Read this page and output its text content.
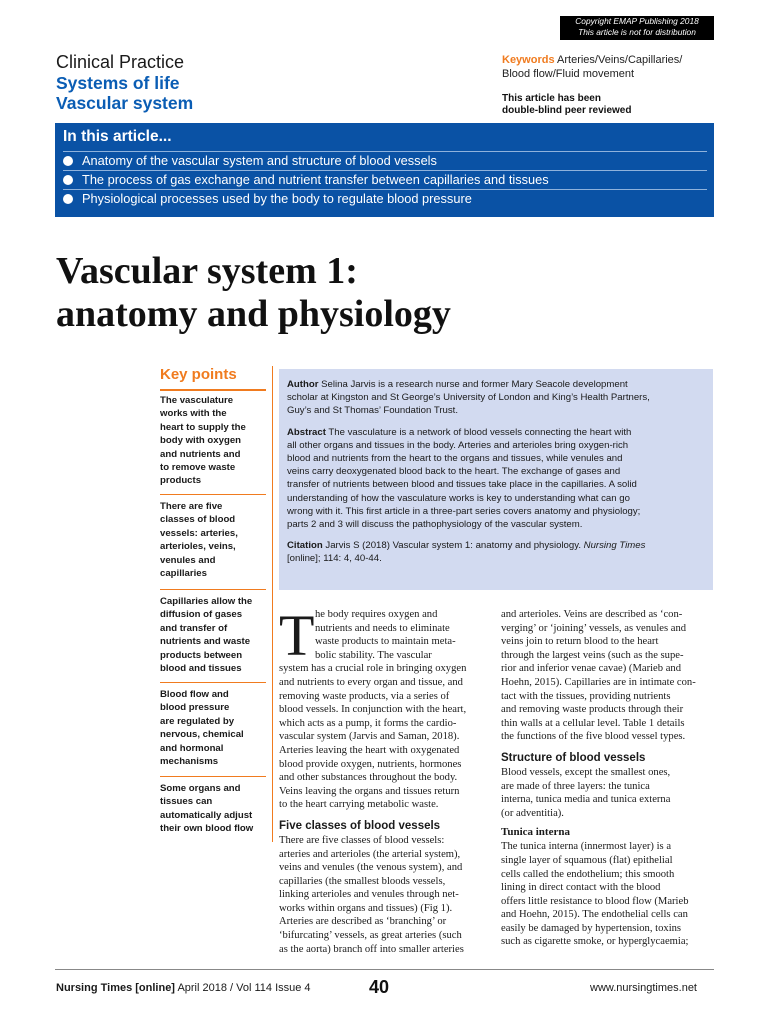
Copyright EMAP Publishing 2018
This article is not for distribution
Clinical Practice
Systems of life
Vascular system
Keywords Arteries/Veins/Capillaries/
Blood flow/Fluid movement
This article has been
double-blind peer reviewed
In this article...
Anatomy of the vascular system and structure of blood vessels
The process of gas exchange and nutrient transfer between capillaries and tissues
Physiological processes used by the body to regulate blood pressure
Vascular system 1:
anatomy and physiology
Key points
The vasculature
works with the
heart to supply the
body with oxygen
and nutrients and
to remove waste
products
There are five
classes of blood
vessels: arteries,
arterioles, veins,
venules and
capillaries
Capillaries allow the
diffusion of gases
and transfer of
nutrients and waste
products between
blood and tissues
Blood flow and
blood pressure
are regulated by
nervous, chemical
and hormonal
mechanisms
Some organs and
tissues can
automatically adjust
their own blood flow

Author Selina Jarvis is a research nurse and former Mary Seacole development
scholar at Kingston and St George’s University of London and King’s Health Partners,
Guy’s and St Thomas’ Foundation Trust.

Abstract The vasculature is a network of blood vessels connecting the heart with
all other organs and tissues in the body. Arteries and arterioles bring oxygen-rich
blood and nutrients from the heart to the organs and tissues, while venules and
veins carry deoxygenated blood back to the heart. The exchange of gases and
transfer of nutrients between blood and tissues take place in the capillaries. A solid
understanding of how the vasculature works is key to understanding what can go
wrong with it. This first article in a three-part series covers anatomy and physiology;
parts 2 and 3 will discuss the pathophysiology of the vascular system.

Citation Jarvis S (2018) Vascular system 1: anatomy and physiology. Nursing Times
[online]; 114: 4, 40-44.

T he body requires oxygen and
nutrients and needs to eliminate
waste products to maintain meta-
bolic stability. The vascular
system has a crucial role in bringing oxygen
and nutrients to every organ and tissue, and
removing waste products, via a series of
blood vessels. In conjunction with the heart,
which acts as a pump, it forms the cardio-
vascular system (Jarvis and Saman, 2018).
Arteries leaving the heart with oxygenated
blood provide oxygen, nutrients, hormones
and other substances throughout the body.
Veins leaving the organs and tissues return
to the heart carrying metabolic waste.
Five classes of blood vessels
There are five classes of blood vessels:
arteries and arterioles (the arterial system),
veins and venules (the venous system), and
capillaries (the smallest bloods vessels,
linking arterioles and venules through net-
works within organs and tissues) (Fig 1).
Arteries are described as ‘branching’ or
‘bifurcating’ vessels, as great arteries (such
as the aorta) branch off into smaller arteries
and arterioles. Veins are described as ‘con-
verging’ or ‘joining’ vessels, as venules and
veins join to return blood to the heart
through the largest veins (such as the supe-
rior and inferior venae cavae) (Marieb and
Hoehn, 2015). Capillaries are in intimate con-
tact with the tissues, providing nutrients
and removing waste products through their
thin walls at a cellular level. Table 1 details
the functions of the five blood vessel types.
Structure of blood vessels
Blood vessels, except the smallest ones,
are made of three layers: the tunica
interna, tunica media and tunica externa
(or adventitia).
Tunica interna
The tunica interna (innermost layer) is a
single layer of squamous (flat) epithelial
cells called the endothelium; this smooth
lining in direct contact with the blood
offers little resistance to blood flow (Marieb
and Hoehn, 2015). The endothelial cells can
easily be damaged by hypertension, toxins
such as cigarette smoke, or hyperglycaemia;
Nursing Times [online] April 2018 / Vol 114 Issue 4	40	www.nursingtimes.net
